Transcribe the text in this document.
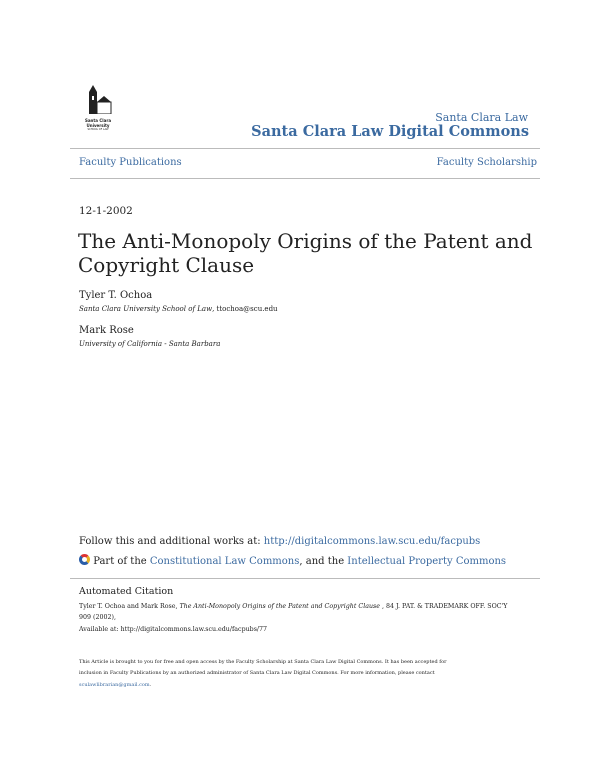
Santa Clara University
SCHOOL OF LAW
Santa Clara Law
Santa Clara Law Digital Commons
Faculty Publications	Faculty Scholarship
12-1-2002
The Anti-Monopoly Origins of the Patent and
Copyright Clause
Tyler T. Ochoa
Santa Clara University School of Law, ttochoa@scu.edu
Mark Rose
University of California - Santa Barbara
Follow this and additional works at: http://digitalcommons.law.scu.edu/facpubs
Part of the Constitutional Law Commons, and the Intellectual Property Commons
Automated Citation
Tyler T. Ochoa and Mark Rose, The Anti-Monopoly Origins of the Patent and Copyright Clause , 84 J. PAT. & TRADEMARK OFF. SOC'Y
909 (2002),
Available at: http://digitalcommons.law.scu.edu/facpubs/77
This Article is brought to you for free and open access by the Faculty Scholarship at Santa Clara Law Digital Commons. It has been accepted for
inclusion in Faculty Publications by an authorized administrator of Santa Clara Law Digital Commons. For more information, please contact
sculawlibrarian@gmail.com.
